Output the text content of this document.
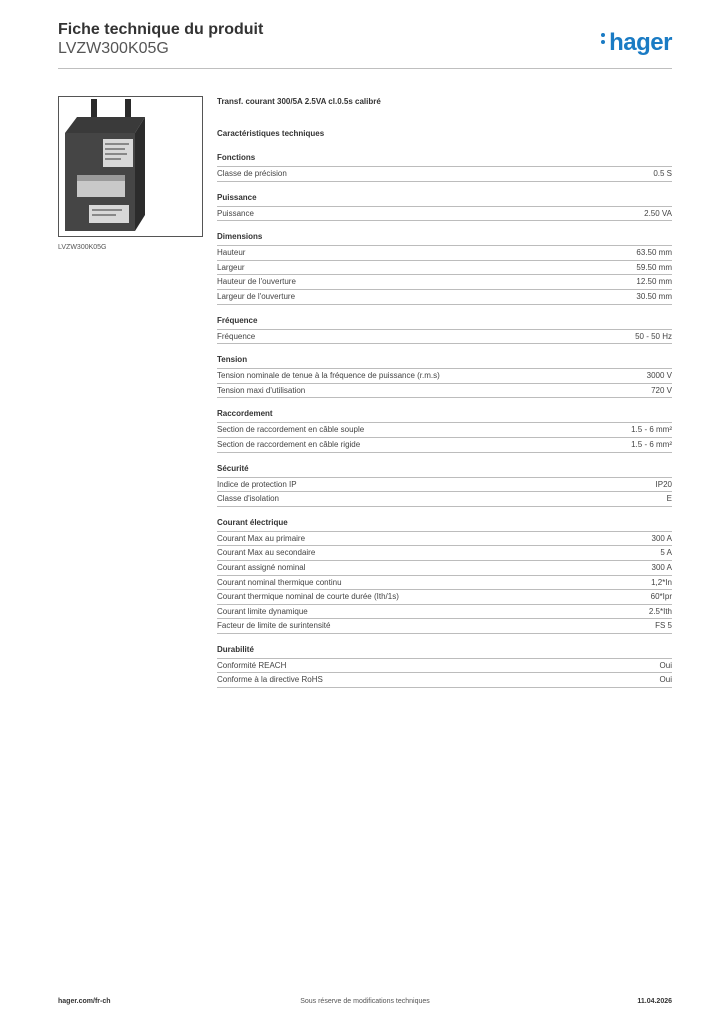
Fiche technique du produit

LVZW300K05G	hager
LVZW300K05G

Transf. courant 300/5A 2.5VA cl.0.5s calibré

Caractéristiques techniques

Fonctions
Classe de précision	0.5 S
Puissance
Puissance	2.50 VA
Dimensions
Hauteur	63.50 mm
Largeur	59.50 mm
Hauteur de l'ouverture	12.50 mm
Largeur de l'ouverture	30.50 mm
Fréquence
Fréquence	50 - 50 Hz
Tension
Tension nominale de tenue à la fréquence de puissance (r.m.s)	3000 V
Tension maxi d'utilisation	720 V
Raccordement
Section de raccordement en câble souple	1.5 - 6 mm²
Section de raccordement en câble rigide	1.5 - 6 mm²
Sécurité
Indice de protection IP	IP20
Classe d'isolation	E
Courant électrique
Courant Max au primaire	300 A
Courant Max au secondaire	5 A
Courant assigné nominal	300 A
Courant nominal thermique continu	1,2*In
Courant thermique nominal de courte durée (Ith/1s)	60*Ipr
Courant limite dynamique	2.5*Ith
Facteur de limite de surintensité	FS 5
Durabilité
Conformité REACH	Oui
Conforme à la directive RoHS	Oui
hager.com/fr-ch	Sous réserve de modifications techniques	11.04.2026
